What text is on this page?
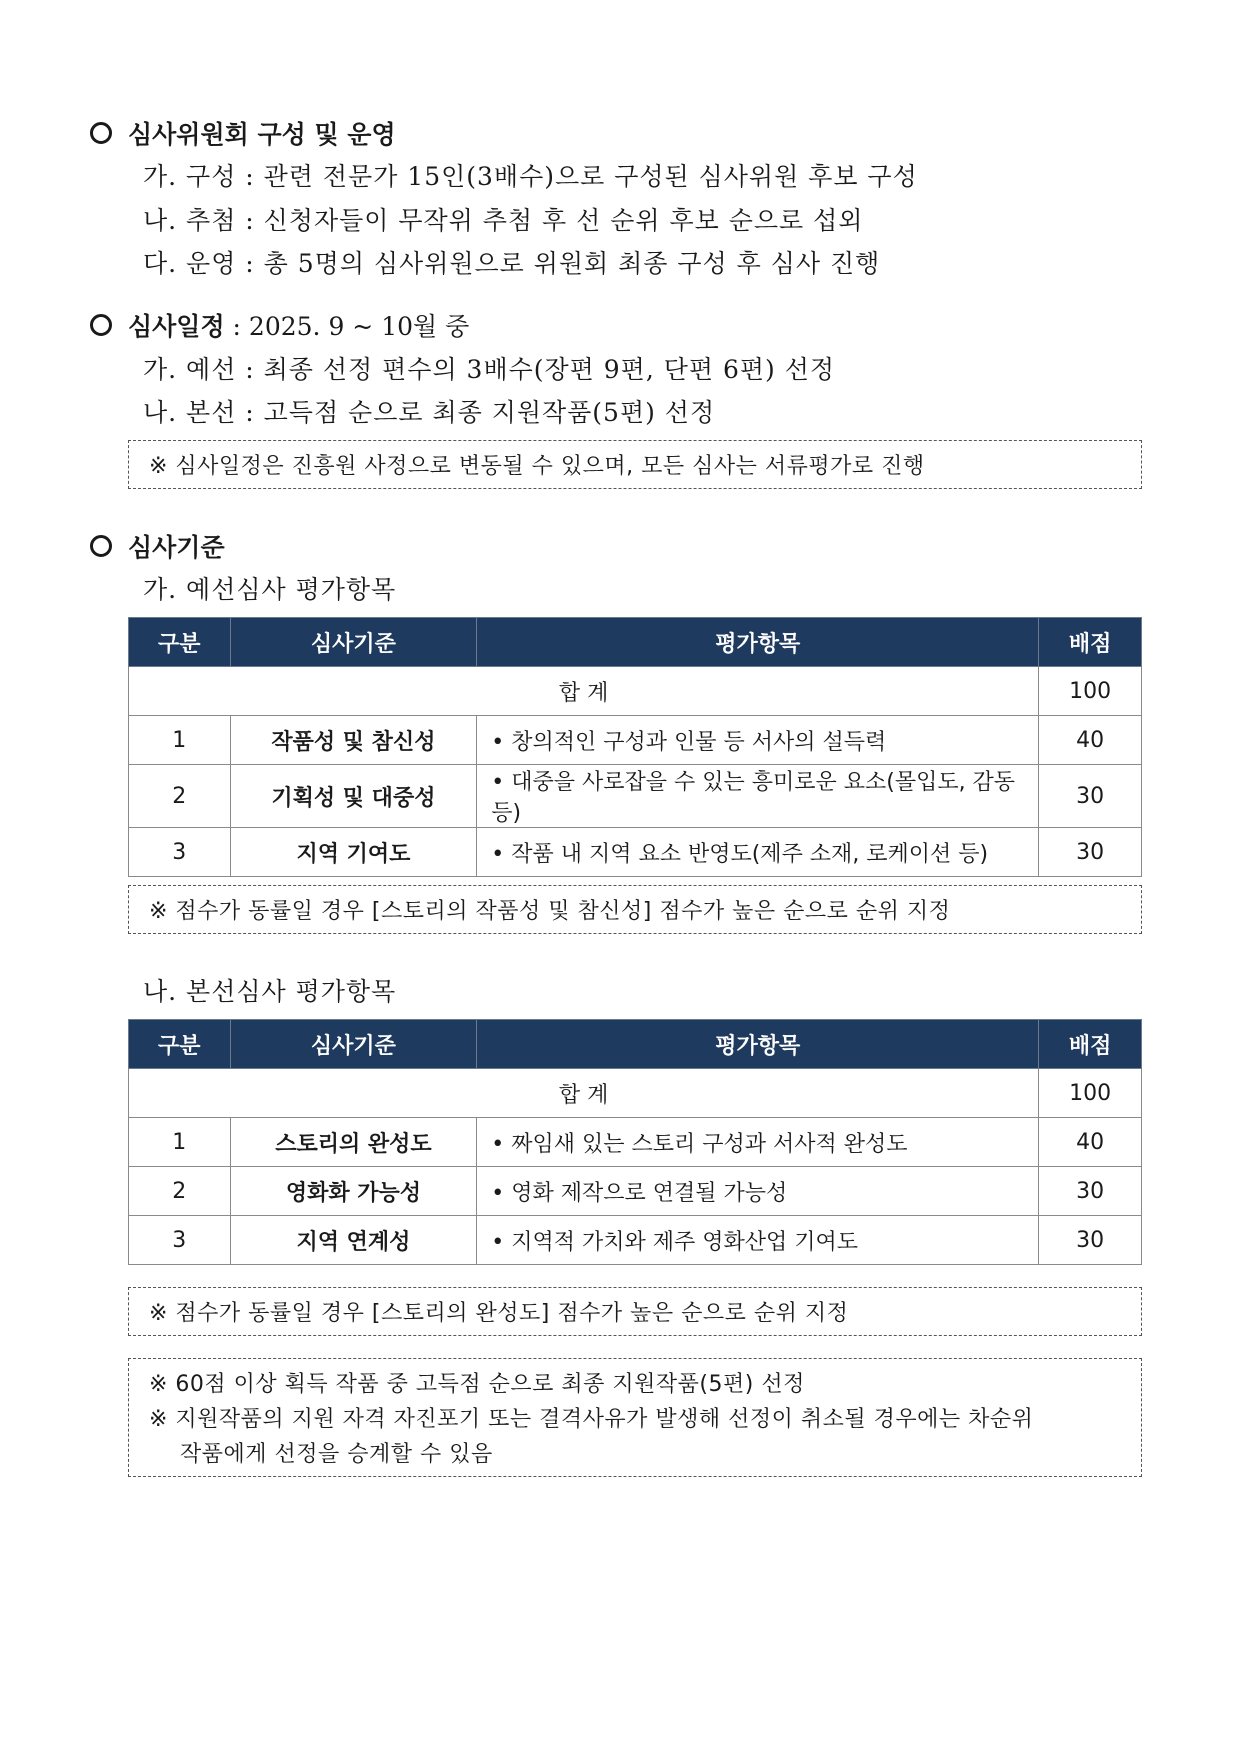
심사위원회 구성 및 운영
가. 구성 : 관련 전문가 15인(3배수)으로 구성된 심사위원 후보 구성
나. 추첨 : 신청자들이 무작위 추첨 후 선 순위 후보 순으로 섭외
다. 운영 : 총 5명의 심사위원으로 위원회 최종 구성 후 심사 진행
심사일정 : 2025. 9 ~ 10월 중
가. 예선 : 최종 선정 편수의 3배수(장편 9편, 단편 6편) 선정
나. 본선 : 고득점 순으로 최종 지원작품(5편) 선정
※ 심사일정은 진흥원 사정으로 변동될 수 있으며, 모든 심사는 서류평가로 진행
심사기준
가. 예선심사 평가항목
구분	심사기준	평가항목	배점
합 계			100
1	작품성 및 참신성	• 창의적인 구성과 인물 등 서사의 설득력	40
2	기획성 및 대중성	• 대중을 사로잡을 수 있는 흥미로운 요소(몰입도, 감동 등)	30
3	지역 기여도	• 작품 내 지역 요소 반영도(제주 소재, 로케이션 등)	30
※ 점수가 동률일 경우 [스토리의 작품성 및 참신성] 점수가 높은 순으로 순위 지정
나. 본선심사 평가항목
구분	심사기준	평가항목	배점
합 계			100
1	스토리의 완성도	• 짜임새 있는 스토리 구성과 서사적 완성도	40
2	영화화 가능성	• 영화 제작으로 연결될 가능성	30
3	지역 연계성	• 지역적 가치와 제주 영화산업 기여도	30
※ 점수가 동률일 경우 [스토리의 완성도] 점수가 높은 순으로 순위 지정
※ 60점 이상 획득 작품 중 고득점 순으로 최종 지원작품(5편) 선정
※ 지원작품의 지원 자격 자진포기 또는 결격사유가 발생해 선정이 취소될 경우에는 차순위
작품에게 선정을 승계할 수 있음
